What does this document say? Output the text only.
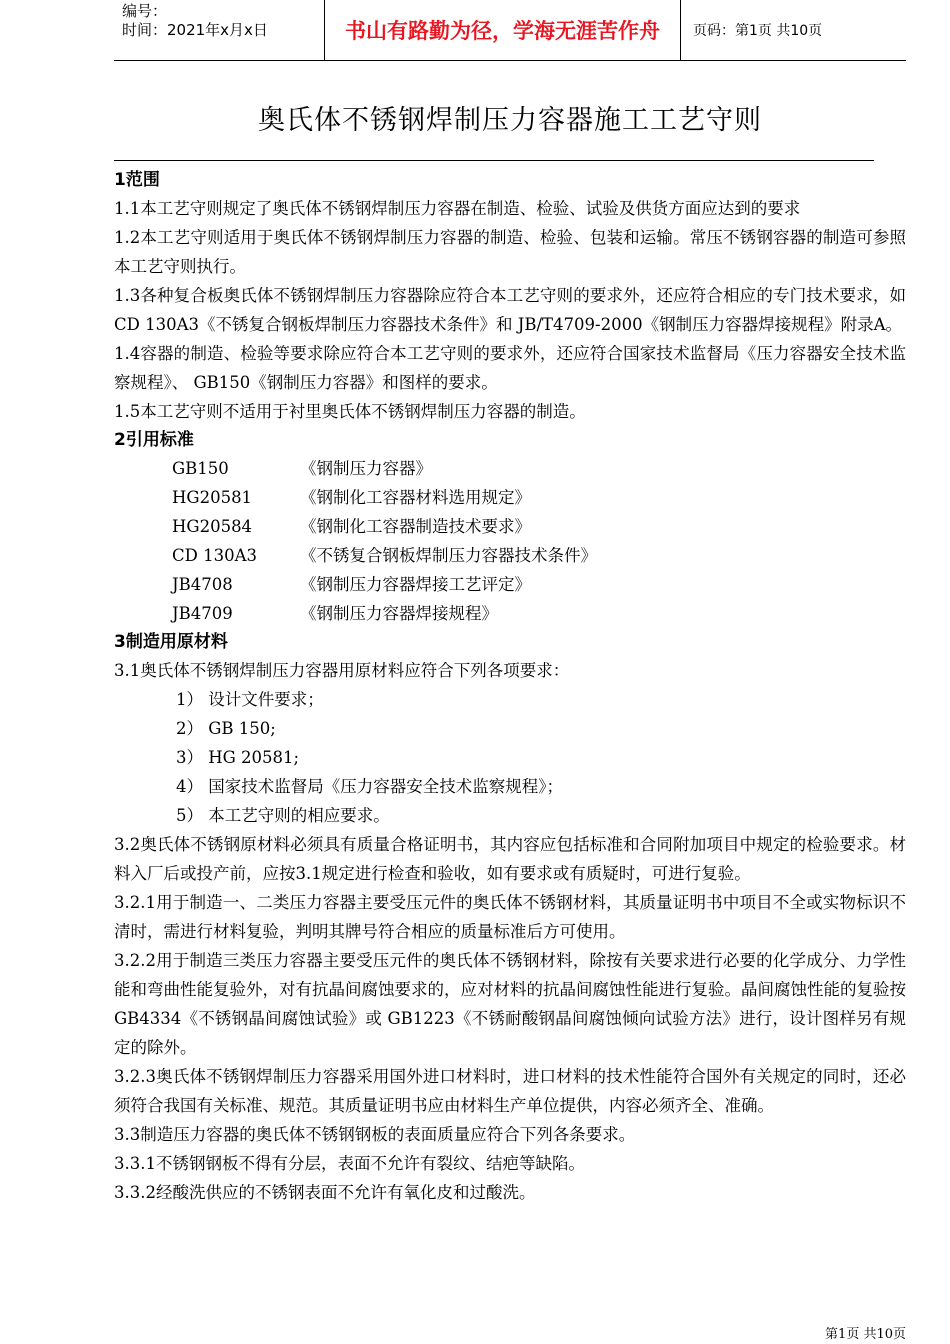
编号：
时间：2021年x月x日	书山有路勤为径，学海无涯苦作舟	页码：第1页 共10页
奥氏体不锈钢焊制压力容器施工工艺守则
1范围

1.1本工艺守则规定了奥氏体不锈钢焊制压力容器在制造、检验、试验及供货方面应达到的要求

1.2本工艺守则适用于奥氏体不锈钢焊制压力容器的制造、检验、包装和运输。常压不锈钢容器的制造可参照本工艺守则执行。

1.3各种复合板奥氏体不锈钢焊制压力容器除应符合本工艺守则的要求外，还应符合相应的专门技术要求，如 CD 130A3《不锈复合钢板焊制压力容器技术条件》和 JB/T4709-2000《钢制压力容器焊接规程》附录A。

1.4容器的制造、检验等要求除应符合本工艺守则的要求外，还应符合国家技术监督局《压力容器安全技术监察规程》、 GB150《钢制压力容器》和图样的要求。

1.5本工艺守则不适用于衬里奥氏体不锈钢焊制压力容器的制造。

2引用标准
GB150	《钢制压力容器》
HG20581	《钢制化工容器材料选用规定》
HG20584	《钢制化工容器制造技术要求》
CD 130A3	《不锈复合钢板焊制压力容器技术条件》
JB4708	《钢制压力容器焊接工艺评定》
JB4709	《钢制压力容器焊接规程》
3制造用原材料

3.1奥氏体不锈钢焊制压力容器用原材料应符合下列各项要求：

1） 设计文件要求；
2） GB 150;
3） HG 20581;
4） 国家技术监督局《压力容器安全技术监察规程》；
5） 本工艺守则的相应要求。

3.2奥氏体不锈钢原材料必须具有质量合格证明书，其内容应包括标准和合同附加项目中规定的检验要求。材料入厂后或投产前，应按3.1规定进行检查和验收，如有要求或有质疑时，可进行复验。

3.2.1用于制造一、二类压力容器主要受压元件的奥氏体不锈钢材料，其质量证明书中项目不全或实物标识不清时，需进行材料复验，判明其牌号符合相应的质量标准后方可使用。

3.2.2用于制造三类压力容器主要受压元件的奥氏体不锈钢材料，除按有关要求进行必要的化学成分、力学性能和弯曲性能复验外，对有抗晶间腐蚀要求的，应对材料的抗晶间腐蚀性能进行复验。晶间腐蚀性能的复验按 GB4334《不锈钢晶间腐蚀试验》或 GB1223《不锈耐酸钢晶间腐蚀倾向试验方法》进行，设计图样另有规定的除外。

3.2.3奥氏体不锈钢焊制压力容器采用国外进口材料时，进口材料的技术性能符合国外有关规定的同时，还必须符合我国有关标准、规范。其质量证明书应由材料生产单位提供，内容必须齐全、准确。

3.3制造压力容器的奥氏体不锈钢钢板的表面质量应符合下列各条要求。

3.3.1不锈钢钢板不得有分层，表面不允许有裂纹、结疤等缺陷。

3.3.2经酸洗供应的不锈钢表面不允许有氧化皮和过酸洗。

第1页 共10页
